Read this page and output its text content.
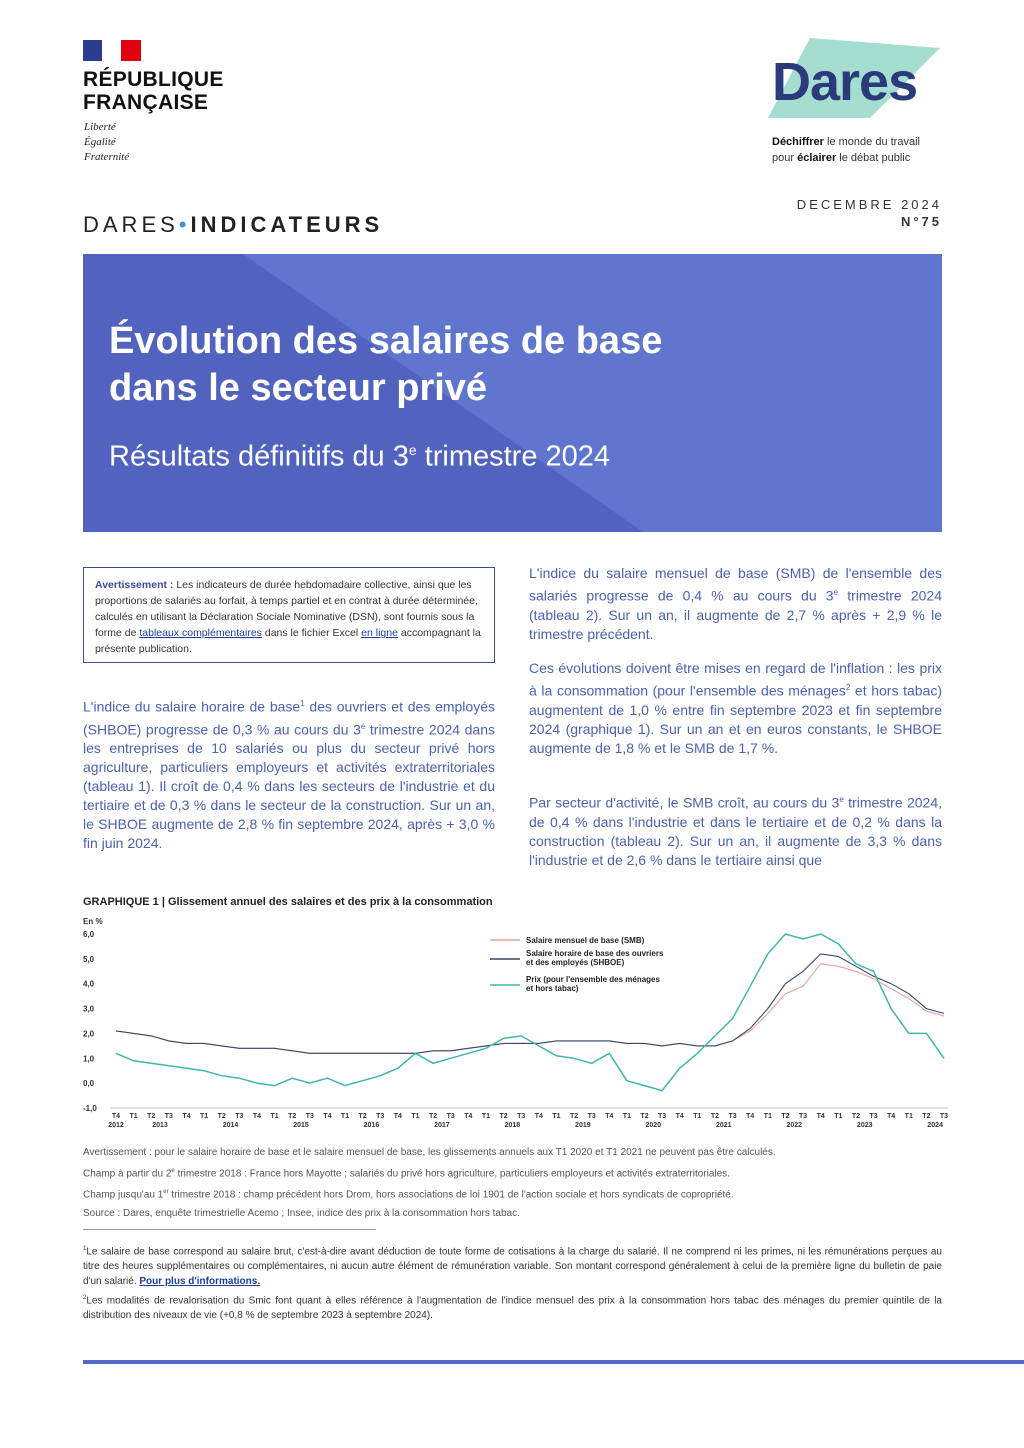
RÉPUBLIQUE
FRANÇAISE
Liberté
Égalité
Fraternité
Dares
Déchiffrer le monde du travail
pour éclairer le débat public
DARES•INDICATEURS
DECEMBRE 2024
N°75
Évolution des salaires de base
dans le secteur privé
Résultats définitifs du 3e trimestre 2024
Avertissement : Les indicateurs de durée hebdomadaire collective, ainsi que les proportions de salariés au forfait, à temps partiel et en contrat à durée déterminée, calculés en utilisant la Déclaration Sociale Nominative (DSN), sont fournis sous la forme de tableaux complémentaires dans le fichier Excel en ligne accompagnant la présente publication.
L'indice du salaire horaire de base$^1$ des ouvriers et des employés (SHBOE) progresse de 0,3 % au cours du 3e trimestre 2024 dans les entreprises de 10 salariés ou plus du secteur privé hors agriculture, particuliers employeurs et activités extraterritoriales (tableau 1). Il croît de 0,4 % dans les secteurs de l'industrie et du tertiaire et de 0,3 % dans le secteur de la construction. Sur un an, le SHBOE augmente de 2,8 % fin septembre 2024, après + 3,0 % fin juin 2024.
L'indice du salaire mensuel de base (SMB) de l'ensemble des salariés progresse de 0,4 % au cours du 3e trimestre 2024 (tableau 2). Sur un an, il augmente de 2,7 % après + 2,9 % le trimestre précédent.
Ces évolutions doivent être mises en regard de l'inflation : les prix à la consommation (pour l'ensemble des ménages$^2$ et hors tabac) augmentent de 1,0 % entre fin septembre 2023 et fin septembre 2024 (graphique 1). Sur un an et en euros constants, le SHBOE augmente de 1,8 % et le SMB de 1,7 %.
Par secteur d'activité, le SMB croît, au cours du 3e trimestre 2024, de 0,4 % dans l'industrie et dans le tertiaire et de 0,2 % dans la construction (tableau 2). Sur un an, il augmente de 3,3 % dans l'industrie et de 2,6 % dans le tertiaire ainsi que
GRAPHIQUE 1 | Glissement annuel des salaires et des prix à la consommation
En %
6,0
5,0
4,0
3,0
2,0
1,0
0,0
-1,0
T4 T1 T2 T3 T4 T1 T2 T3 T4 T1 T2 T3 T4 T1 T2 T3 T4 T1 T2 T3 T4 T1 T2 T3 T4 T1 T2 T3 T4 T1 T2 T3 T4 T1 T2 T3 T4 T1 T2 T3 T4 T1 T2 T3 T4 T1 T2 T3
2012	2013	2014	2015	2016	2017	2018	2019	2020	2021	2022	2023	2024
Salaire mensuel de base (SMB)
Salaire horaire de base des ouvriers
et des employés (SHBOE)
Prix (pour l'ensemble des ménages
et hors tabac)
Avertissement : pour le salaire horaire de base et le salaire mensuel de base, les glissements annuels aux T1 2020 et T1 2021 ne peuvent pas être calculés.
Champ à partir du 2e trimestre 2018 : France hors Mayotte ; salariés du privé hors agriculture, particuliers employeurs et activités extraterritoriales.
Champ jusqu'au 1er trimestre 2018 : champ précédent hors Drom, hors associations de loi 1901 de l'action sociale et hors syndicats de copropriété.
Source : Dares, enquête trimestrielle Acemo ; Insee, indice des prix à la consommation hors tabac.
$^1$Le salaire de base correspond au salaire brut, c'est-à-dire avant déduction de toute forme de cotisations à la charge du salarié. Il ne comprend ni les primes, ni les rémunérations perçues au titre des heures supplémentaires ou complémentaires, ni aucun autre élément de rémunération variable. Son montant correspond généralement à celui de la première ligne du bulletin de paie d'un salarié. Pour plus d'informations.
$^2$Les modalités de revalorisation du Smic font quant à elles référence à l'augmentation de l'indice mensuel des prix à la consommation hors tabac des ménages du premier quintile de la distribution des niveaux de vie (+0,8 % de septembre 2023 à septembre 2024).
